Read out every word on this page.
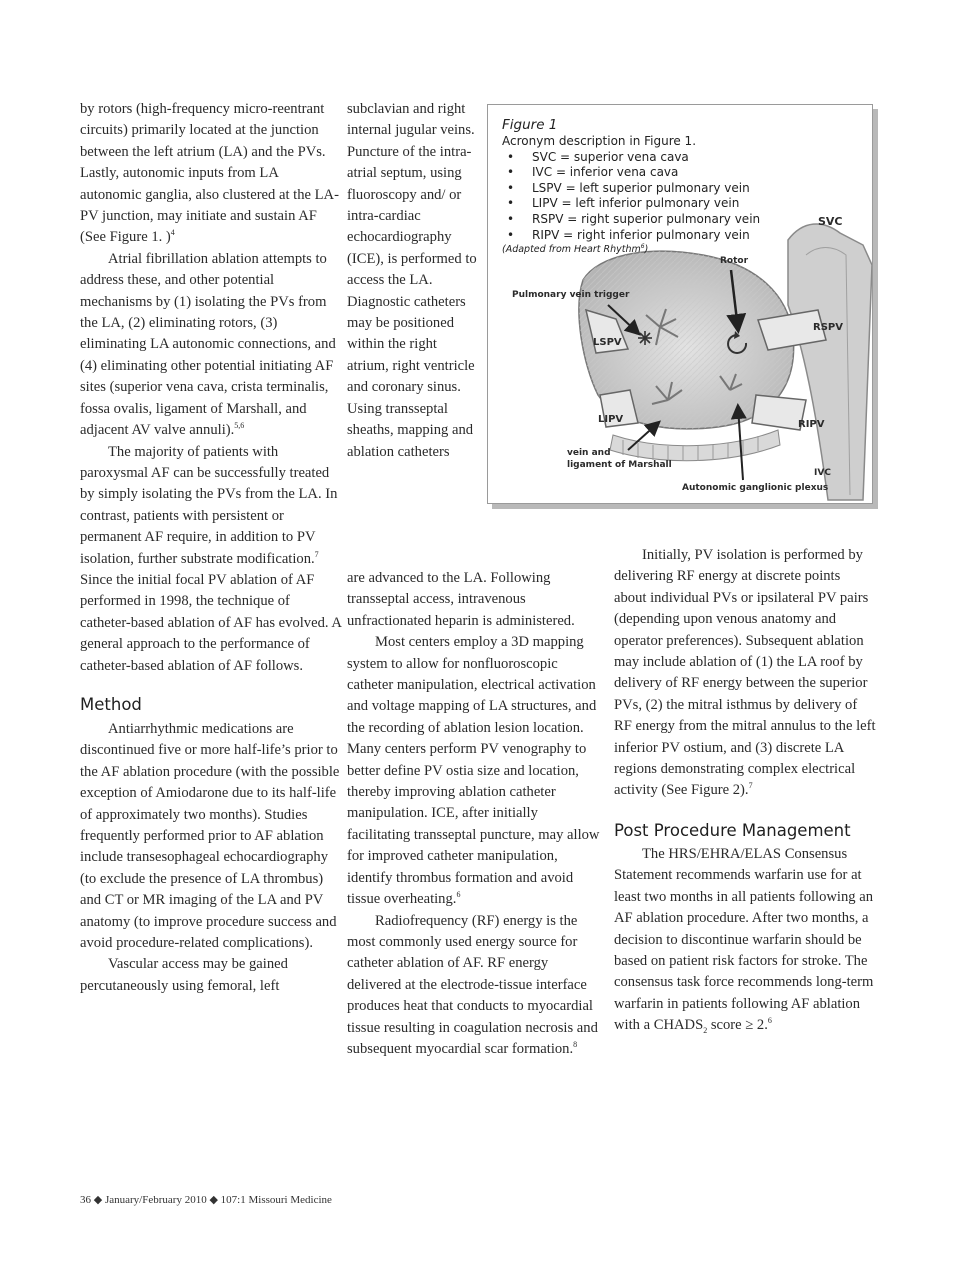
by rotors (high-frequency micro-reentrant circuits) primarily located at the junction between the left atrium (LA) and the PVs. Lastly, autonomic inputs from LA autonomic ganglia, also clustered at the LA-PV junction, may initiate and sustain AF (See Figure 1. )$^4$

Atrial fibrillation ablation attempts to address these, and other potential mechanisms by (1) isolating the PVs from the LA, (2) eliminating rotors, (3) eliminating LA autonomic connections, and (4) eliminating other potential initiating AF sites (superior vena cava, crista terminalis, fossa ovalis, ligament of Marshall, and adjacent AV valve annuli).$^{5,6}$

The majority of patients with paroxysmal AF can be successfully treated by simply isolating the PVs from the LA. In contrast, patients with persistent or permanent AF require, in addition to PV isolation, further substrate modification.$^7$ Since the initial focal PV ablation of AF performed in 1998, the technique of catheter-based ablation of AF has evolved. A general approach to the performance of catheter-based ablation of AF follows.

Method

Antiarrhythmic medications are discontinued five or more half-life’s prior to the AF ablation procedure (with the possible exception of Amiodarone due to its half-life of approximately two months). Studies frequently performed prior to AF ablation include transesophageal echocardiography (to exclude the presence of LA thrombus) and CT or MR imaging of the LA and PV anatomy (to improve procedure success and avoid procedure-related complications).

Vascular access may be gained percutaneously using femoral, left

subclavian and right internal jugular veins. Puncture of the intra-atrial septum, using fluoroscopy and/ or intra-cardiac echocardiography (ICE), is performed to access the LA. Diagnostic catheters may be positioned within the right atrium, right ventricle and coronary sinus. Using transseptal sheaths, mapping and ablation catheters

are advanced to the LA. Following transseptal access, intravenous unfractionated heparin is administered.

Most centers employ a 3D mapping system to allow for nonfluoroscopic catheter manipulation, electrical activation and voltage mapping of LA structures, and the recording of ablation lesion location. Many centers perform PV venography to better define PV ostia size and location, thereby improving ablation catheter manipulation. ICE, after initially facilitating transseptal puncture, may allow for improved catheter manipulation, identify thrombus formation and avoid tissue overheating.$^6$

Radiofrequency (RF) energy is the most commonly used energy source for catheter ablation of AF. RF energy delivered at the electrode-tissue interface produces heat that conducts to myocardial tissue resulting in coagulation necrosis and subsequent myocardial scar formation.$^8$

Initially, PV isolation is performed by delivering RF energy at discrete points about individual PVs or ipsilateral PV pairs (depending upon venous anatomy and operator preferences). Subsequent ablation may include ablation of (1) the LA roof by delivery of RF energy between the superior PVs, (2) the mitral isthmus by delivery of RF energy from the mitral annulus to the left inferior PV ostium, and (3) discrete LA regions demonstrating complex electrical activity (See Figure 2).$^7$

Post Procedure Management

The HRS/EHRA/ELAS Consensus Statement recommends warfarin use for at least two months in all patients following an AF ablation procedure. After two months, a decision to discontinue warfarin should be based on patient risk factors for stroke. The consensus task force recommends long-term warfarin in patients following AF ablation with a $CHADS_2$ score ≥ 2.$^6$

SVC
Rotor
Pulmonary vein trigger
RSPV
LSPV
LIPV	RIPV
vein and
ligament of Marshall
IVC
Autonomic ganglionic plexus
Figure 1
Acronym description in Figure 1.
• SVC = superior vena cava
• IVC = inferior vena cava
• LSPV = left superior pulmonary vein
• LIPV = left inferior pulmonary vein
• RSPV = right superior pulmonary vein
• RIPV = right inferior pulmonary vein
(Adapted from Heart Rhythm$^6$)
36 ◆ January/February 2010 ◆ 107:1 Missouri Medicine
